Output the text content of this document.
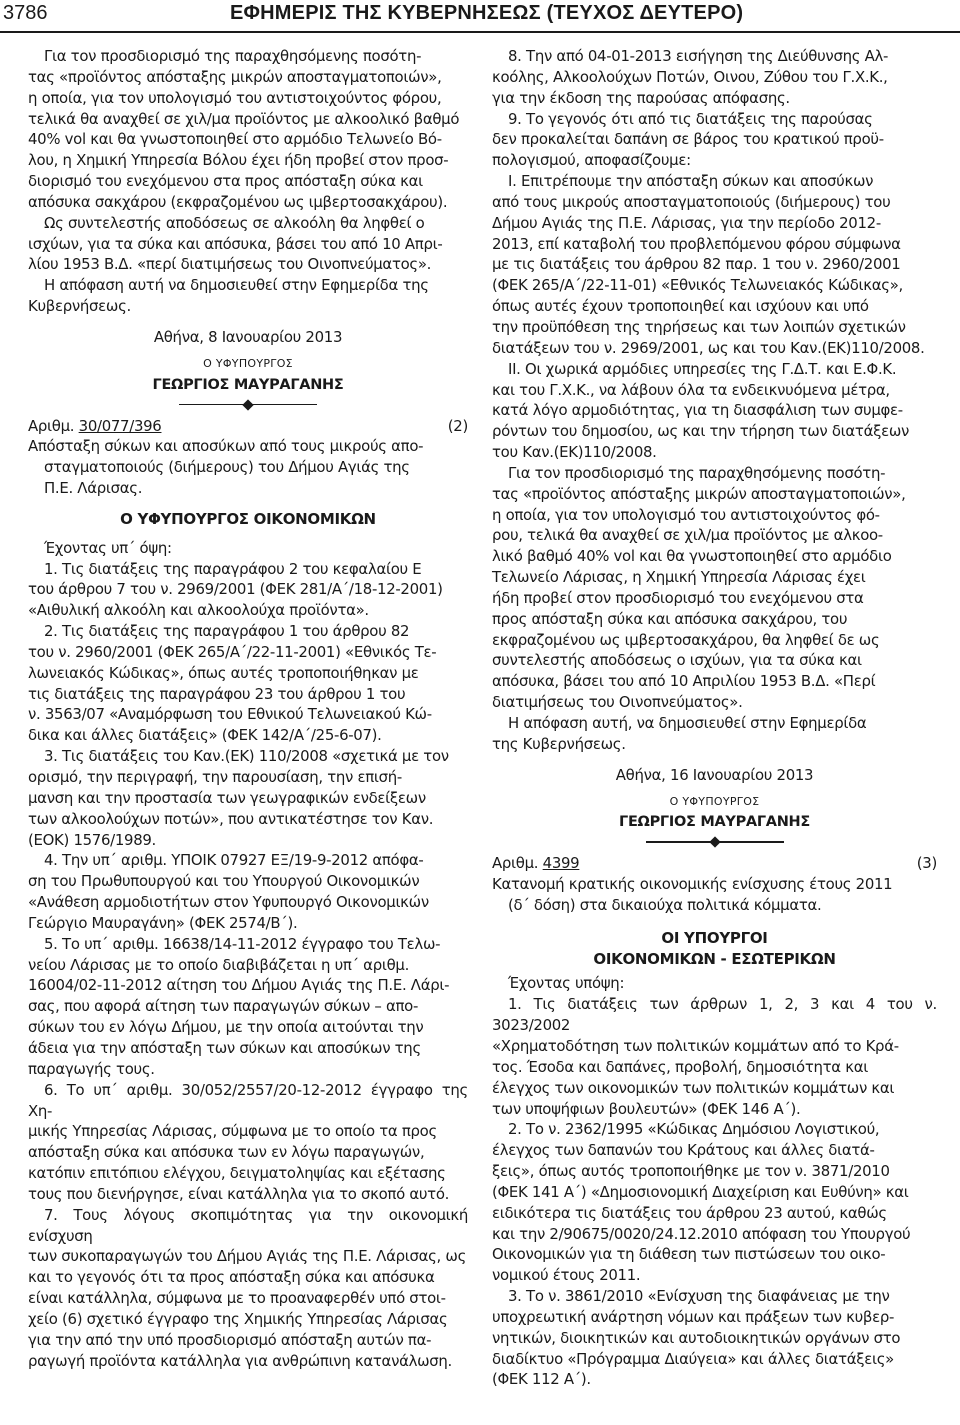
3786	ΕΦΗΜΕΡΙΣ ΤΗΣ ΚΥΒΕΡΝΗΣΕΩΣ (ΤΕΥΧΟΣ ΔΕΥΤΕΡΟ)

Για τον προσδιορισμό της παραχθησόμενης ποσότη-

τας «προϊόντος απόσταξης μικρών αποσταγματοποιών»,

η οποία, για τον υπολογισμό του αντιστοιχούντος φόρου,

τελικά θα αναχθεί σε χιλ/μα προϊόντος με αλκοολικό βαθμό

40% vol και θα γνωστοποιηθεί στο αρμόδιο Τελωνείο Βό-

λου, η Χημική Υπηρεσία Βόλου έχει ήδη προβεί στον προσ-

διορισμό του ενεχόμενου στα προς απόσταξη σύκα και

απόσυκα σακχάρου (εκφραζομένου ως ιμβερτοσακχάρου).

Ως συντελεστής αποδόσεως σε αλκοόλη θα ληφθεί ο

ισχύων, για τα σύκα και απόσυκα, βάσει του από 10 Απρι-

λίου 1953 Β.Δ. «περί διατιμήσεως του Οινοπνεύματος».

Η απόφαση αυτή να δημοσιευθεί στην Εφημερίδα της

Κυβερνήσεως.

Αθήνα, 8 Ιανουαρίου 2013

Ο ΥΦΥΠΟΥΡΓΟΣ

ΓΕΩΡΓΙΟΣ ΜΑΥΡΑΓΑΝΗΣ

Αριθμ. 30/077/396	(2)

Απόσταξη σύκων και αποσύκων από τους μικρούς απο-

σταγματοποιούς (διήμερους) του Δήμου Αγιάς της

Π.Ε. Λάρισας.

Ο ΥΦΥΠΟΥΡΓΟΣ ΟΙΚΟΝΟΜΙΚΩΝ

Έχοντας υπ΄ όψη:

1. Τις διατάξεις της παραγράφου 2 του κεφαλαίου Ε

του άρθρου 7 του ν. 2969/2001 (ΦΕΚ 281/Α΄/18-12-2001)

«Αιθυλική αλκοόλη και αλκοολούχα προϊόντα».

2. Τις διατάξεις της παραγράφου 1 του άρθρου 82

του ν. 2960/2001 (ΦΕΚ 265/Α΄/22-11-2001) «Εθνικός Τε-

λωνειακός Κώδικας», όπως αυτές τροποποιήθηκαν με

τις διατάξεις της παραγράφου 23 του άρθρου 1 του

ν. 3563/07 «Αναμόρφωση του Εθνικού Τελωνειακού Κώ-

δικα και άλλες διατάξεις» (ΦΕΚ 142/Α΄/25-6-07).

3. Τις διατάξεις του Καν.(ΕΚ) 110/2008 «σχετικά με τον

ορισμό, την περιγραφή, την παρουσίαση, την επισή-

μανση και την προστασία των γεωγραφικών ενδείξεων

των αλκοολούχων ποτών», που αντικατέστησε τον Καν.

(ΕΟΚ) 1576/1989.

4. Την υπ΄ αριθμ. ΥΠΟΙΚ 07927 ΕΞ/19-9-2012 απόφα-

ση του Πρωθυπουργού και του Υπουργού Οικονομικών

«Ανάθεση αρμοδιοτήτων στον Υφυπουργό Οικονομικών

Γεώργιο Μαυραγάνη» (ΦΕΚ 2574/Β΄).

5. Το υπ΄ αριθμ. 16638/14-11-2012 έγγραφο του Τελω-

νείου Λάρισας με το οποίο διαβιβάζεται η υπ΄ αριθμ.

16004/02-11-2012 αίτηση του Δήμου Αγιάς της Π.Ε. Λάρι-

σας, που αφορά αίτηση των παραγωγών σύκων – απο-

σύκων του εν λόγω Δήμου, με την οποία αιτούνται την

άδεια για την απόσταξη των σύκων και αποσύκων της

παραγωγής τους.

6. Το υπ΄ αριθμ. 30/052/2557/20-12-2012 έγγραφο της Χη-

μικής Υπηρεσίας Λάρισας, σύμφωνα με το οποίο τα προς

απόσταξη σύκα και απόσυκα των εν λόγω παραγωγών,

κατόπιν επιτόπιου ελέγχου, δειγματοληψίας και εξέτασης

τους που διενήργησε, είναι κατάλληλα για το σκοπό αυτό.

7. Τους λόγους σκοπιμότητας για την οικονομική ενίσχυση

των συκοπαραγωγών του Δήμου Αγιάς της Π.Ε. Λάρισας, ως

και το γεγονός ότι τα προς απόσταξη σύκα και απόσυκα

είναι κατάλληλα, σύμφωνα με το προαναφερθέν υπό στοι-

χείο (6) σχετικό έγγραφο της Χημικής Υπηρεσίας Λάρισας

για την από την υπό προσδιορισμό απόσταξη αυτών πα-

ραγωγή προϊόντα κατάλληλα για ανθρώπινη κατανάλωση.

8. Την από 04-01-2013 εισήγηση της Διεύθυνσης Αλ-

κοόλης, Αλκοολούχων Ποτών, Οινου, Ζύθου του Γ.Χ.Κ.,

για την έκδοση της παρούσας απόφασης.

9. Το γεγονός ότι από τις διατάξεις της παρούσας

δεν προκαλείται δαπάνη σε βάρος του κρατικού προϋ-

πολογισμού, αποφασίζουμε:

Ι. Επιτρέπουμε την απόσταξη σύκων και αποσύκων

από τους μικρούς αποσταγματοποιούς (διήμερους) του

Δήμου Αγιάς της Π.Ε. Λάρισας, για την περίοδο 2012-

2013, επί καταβολή του προβλεπόμενου φόρου σύμφωνα

με τις διατάξεις του άρθρου 82 παρ. 1 του ν. 2960/2001

(ΦΕΚ 265/Α΄/22-11-01) «Εθνικός Τελωνειακός Κώδικας»,

όπως αυτές έχουν τροποποιηθεί και ισχύουν και υπό

την προϋπόθεση της τηρήσεως και των λοιπών σχετικών

διατάξεων του ν. 2969/2001, ως και του Καν.(ΕΚ)110/2008.

ΙΙ. Οι χωρικά αρμόδιες υπηρεσίες της Γ.Δ.Τ. και Ε.Φ.Κ.

και του Γ.Χ.Κ., να λάβουν όλα τα ενδεικνυόμενα μέτρα,

κατά λόγο αρμοδιότητας, για τη διασφάλιση των συμφε-

ρόντων του δημοσίου, ως και την τήρηση των διατάξεων

του Καν.(ΕΚ)110/2008.

Για τον προσδιορισμό της παραχθησόμενης ποσότη-

τας «προϊόντος απόσταξης μικρών αποσταγματοποιών»,

η οποία, για τον υπολογισμό του αντιστοιχούντος φό-

ρου, τελικά θα αναχθεί σε χιλ/μα προϊόντος με αλκοο-

λικό βαθμό 40% vol και θα γνωστοποιηθεί στο αρμόδιο

Τελωνείο Λάρισας, η Χημική Υπηρεσία Λάρισας έχει

ήδη προβεί στον προσδιορισμό του ενεχόμενου στα

προς απόσταξη σύκα και απόσυκα σακχάρου, του

εκφραζομένου ως ιμβερτοσακχάρου, θα ληφθεί δε ως

συντελεστής αποδόσεως ο ισχύων, για τα σύκα και

απόσυκα, βάσει του από 10 Απριλίου 1953 Β.Δ. «Περί

διατιμήσεως του Οινοπνεύματος».

Η απόφαση αυτή, να δημοσιευθεί στην Εφημερίδα

της Κυβερνήσεως.

Αθήνα, 16 Ιανουαρίου 2013

Ο ΥΦΥΠΟΥΡΓΟΣ

ΓΕΩΡΓΙΟΣ ΜΑΥΡΑΓΑΝΗΣ

Αριθμ. 4399	(3)

Κατανομή κρατικής οικονομικής ενίσχυσης έτους 2011

(δ΄ δόση) στα δικαιούχα πολιτικά κόμματα.

ΟΙ ΥΠΟΥΡΓΟΙ

ΟΙΚΟΝΟΜΙΚΩΝ - ΕΣΩΤΕΡΙΚΩΝ

Έχοντας υπόψη:

1. Τις διατάξεις των άρθρων 1, 2, 3 και 4 του ν. 3023/2002

«Χρηματοδότηση των πολιτικών κομμάτων από το Κρά-

τος. Έσοδα και δαπάνες, προβολή, δημοσιότητα και

έλεγχος των οικονομικών των πολιτικών κομμάτων και

των υποψήφιων βουλευτών» (ΦΕΚ 146 Α΄).

2. Το ν. 2362/1995 «Κώδικας Δημόσιου Λογιστικού,

έλεγχος των δαπανών του Κράτους και άλλες διατά-

ξεις», όπως αυτός τροποποιήθηκε με τον ν. 3871/2010

(ΦΕΚ 141 Α΄) «Δημοσιονομική Διαχείριση και Ευθύνη» και

ειδικότερα τις διατάξεις του άρθρου 23 αυτού, καθώς

και την 2/90675/0020/24.12.2010 απόφαση του Υπουργού

Οικονομικών για τη διάθεση των πιστώσεων του οικο-

νομικού έτους 2011.

3. Το ν. 3861/2010 «Ενίσχυση της διαφάνειας με την

υποχρεωτική ανάρτηση νόμων και πράξεων των κυβερ-

νητικών, διοικητικών και αυτοδιοικητικών οργάνων στο

διαδίκτυο «Πρόγραμμα Διαύγεια» και άλλες διατάξεις»

(ΦΕΚ 112 Α΄).
